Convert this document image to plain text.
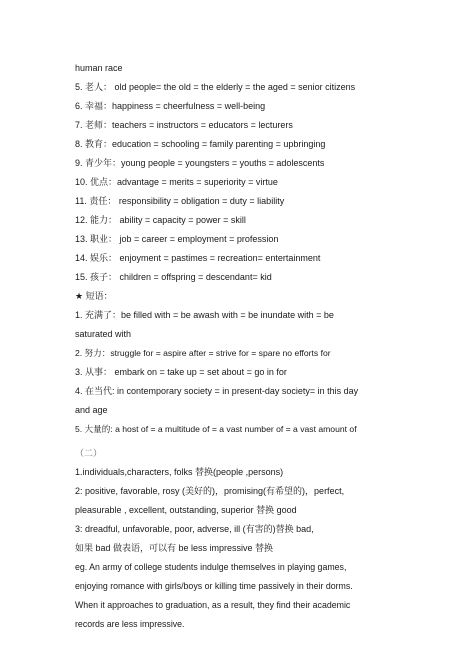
human race
5. 老人： old people= the old = the elderly = the aged = senior citizens
6. 幸福：happiness = cheerfulness = well-being
7. 老师：teachers = instructors = educators = lecturers
8. 教育：education = schooling = family parenting = upbringing
9. 青少年：young people = youngsters = youths = adolescents
10. 优点：advantage = merits = superiority = virtue
11. 责任： responsibility = obligation = duty = liability
12. 能力： ability = capacity = power = skill
13. 职业： job = career = employment = profession
14. 娱乐： enjoyment = pastimes = recreation= entertainment
15. 孩子： children = offspring = descendant= kid
★ 短语：
1. 充满了：be filled with = be awash with = be inundate with = be
saturated with
2. 努力：struggle for = aspire after = strive for = spare no efforts for
3. 从事： embark on = take up = set about = go in for
4. 在当代: in contemporary society = in present-day society= in this day
and age
5. 大量的: a host of = a multitude of = a vast number of = a vast amount of
（二）
1.individuals,characters, folks 替换(people ,persons)
2: positive, favorable, rosy (美好的)，promising(有希望的)，perfect,
pleasurable , excellent, outstanding, superior 替换 good
3: dreadful, unfavorable, poor, adverse, ill (有害的)替换 bad,
如果 bad 做表语，可以有 be less impressive 替换
eg. An army of college students indulge themselves in playing games,
enjoying romance with girls/boys or killing time passively in their dorms.
When it approaches to graduation, as a result, they find their academic
records are less impressive.
